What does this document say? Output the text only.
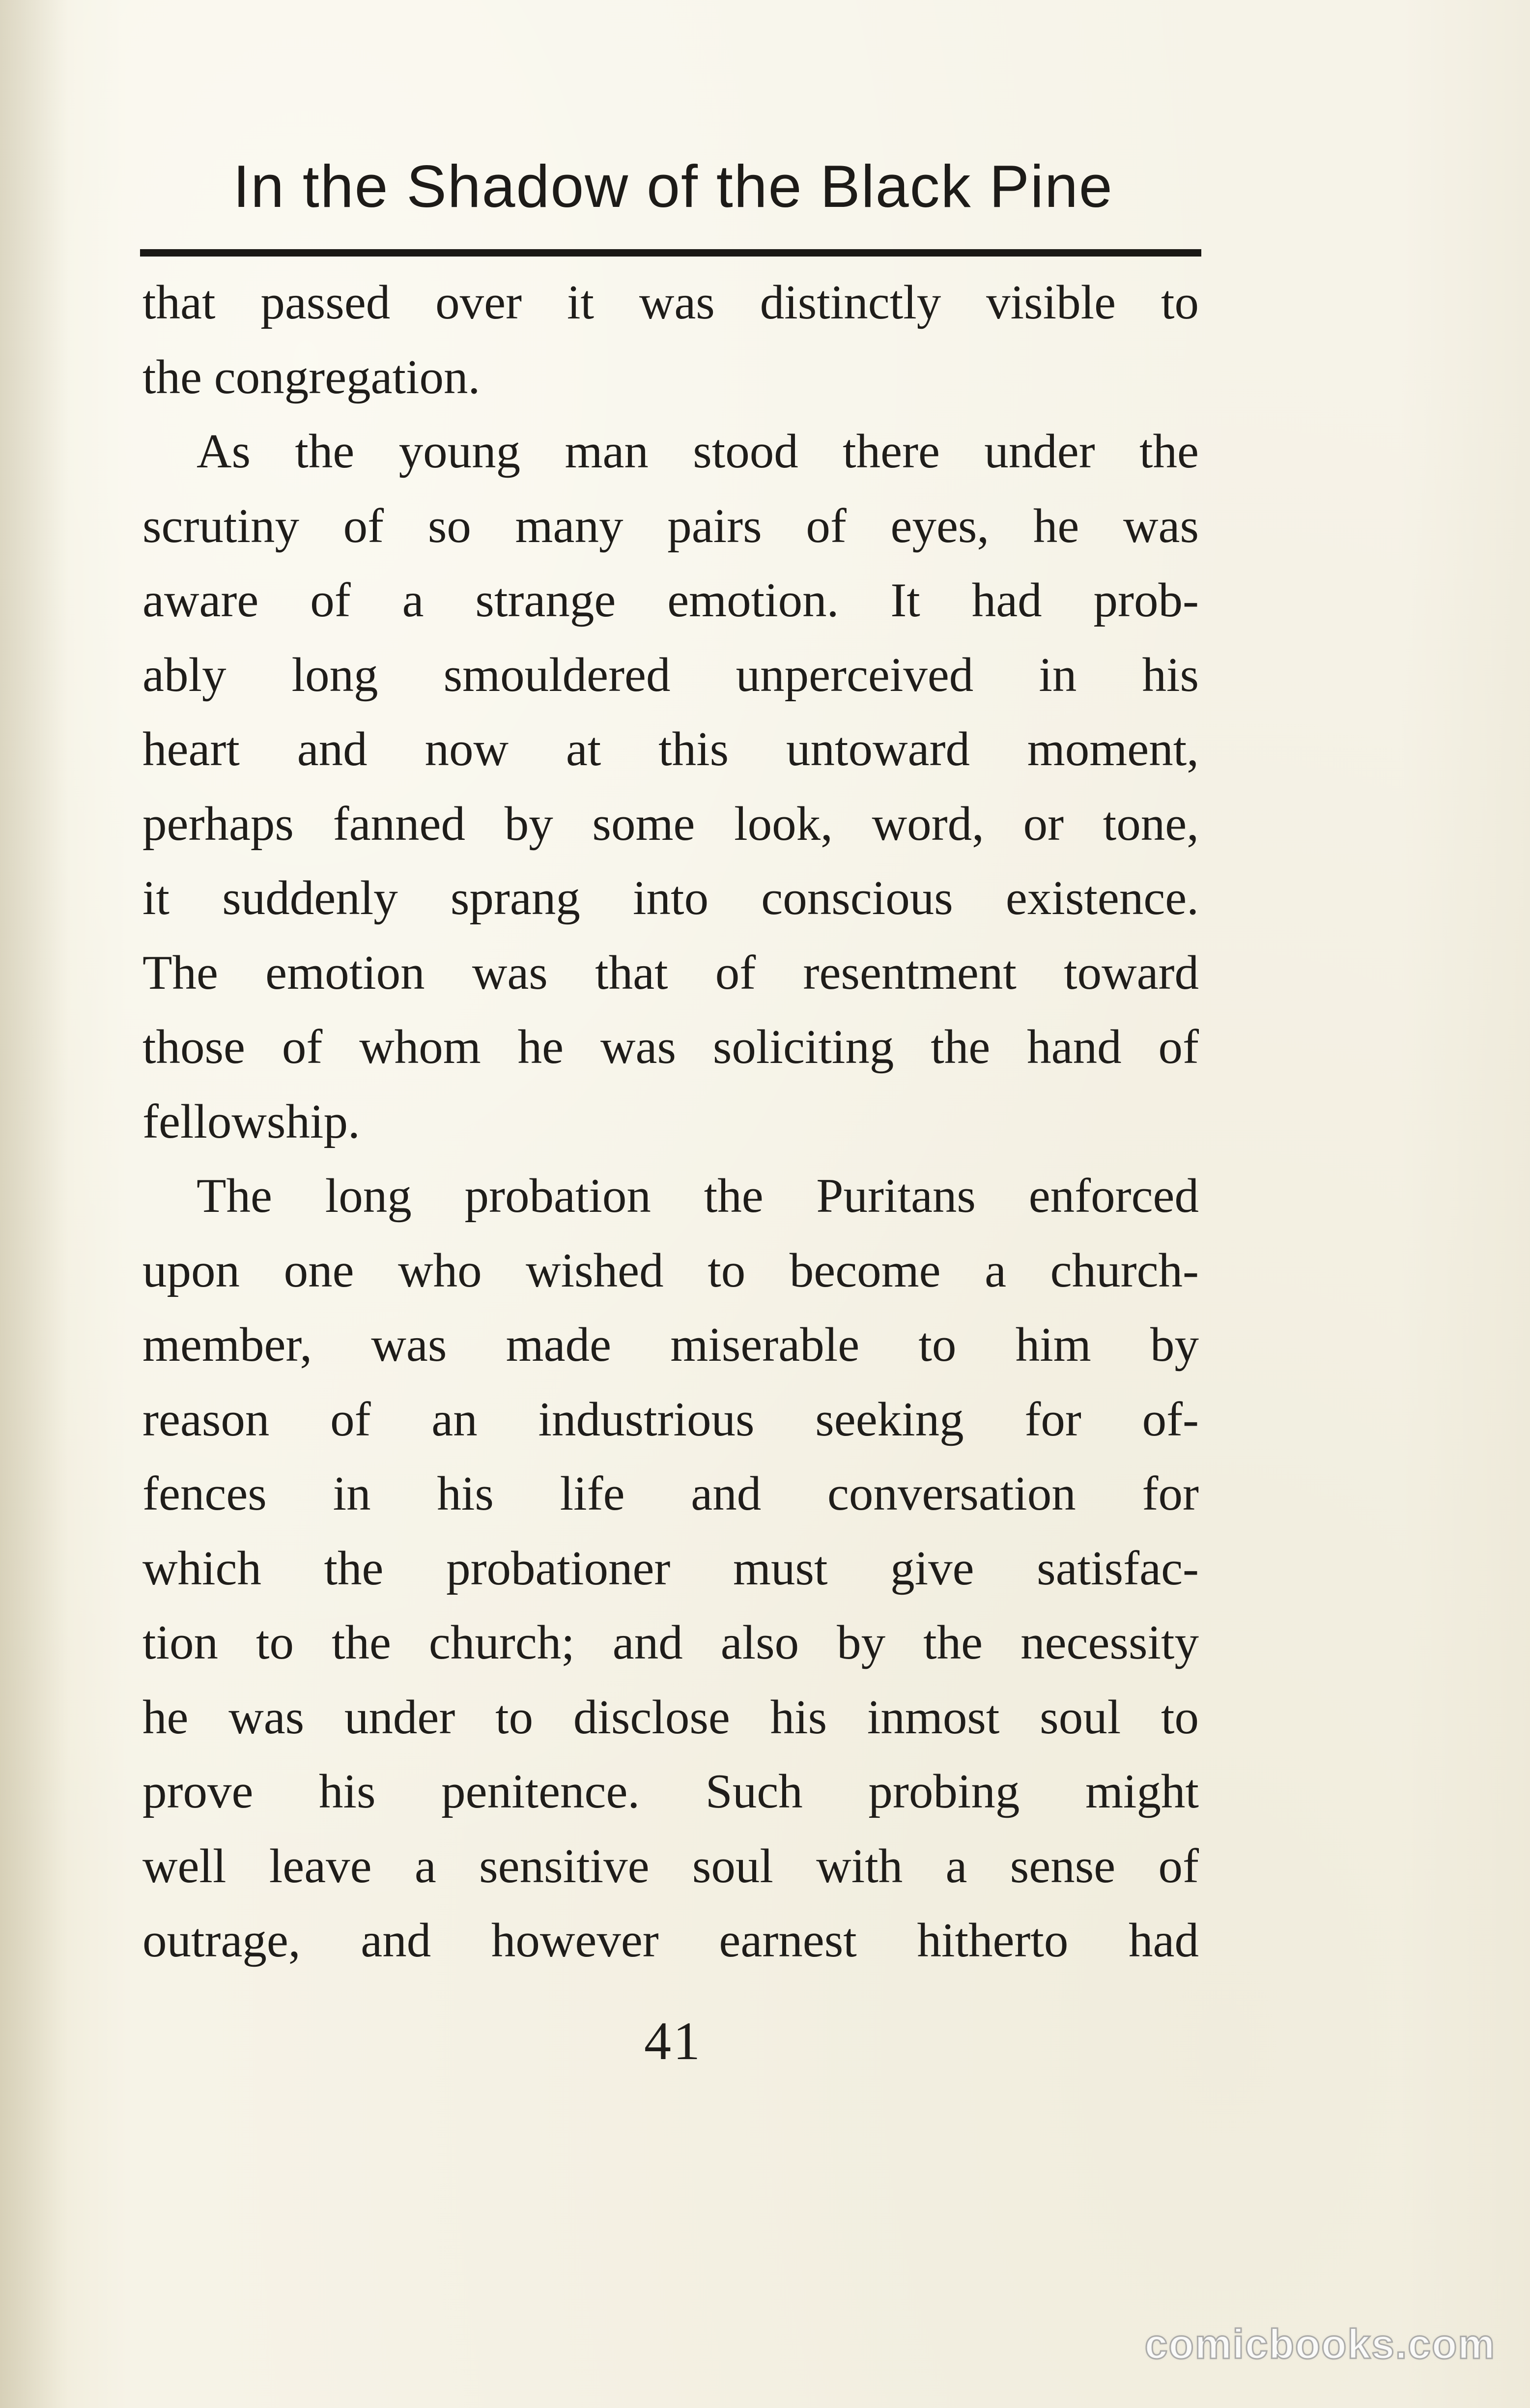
In the Shadow of the Black Pine
that passed over it was distinctly visible to
the congregation.
As the young man stood there under the
scrutiny of so many pairs of eyes, he was
aware of a strange emotion. It had prob-
ably long smouldered unperceived in his
heart and now at this untoward moment,
perhaps fanned by some look, word, or tone,
it suddenly sprang into conscious existence.
The emotion was that of resentment toward
those of whom he was soliciting the hand of
fellowship.
The long probation the Puritans enforced
upon one who wished to become a church-
member, was made miserable to him by
reason of an industrious seeking for of-
fences in his life and conversation for
which the probationer must give satisfac-
tion to the church; and also by the necessity
he was under to disclose his inmost soul to
prove his penitence. Such probing might
well leave a sensitive soul with a sense of
outrage, and however earnest hitherto had
41
comicbooks.com
